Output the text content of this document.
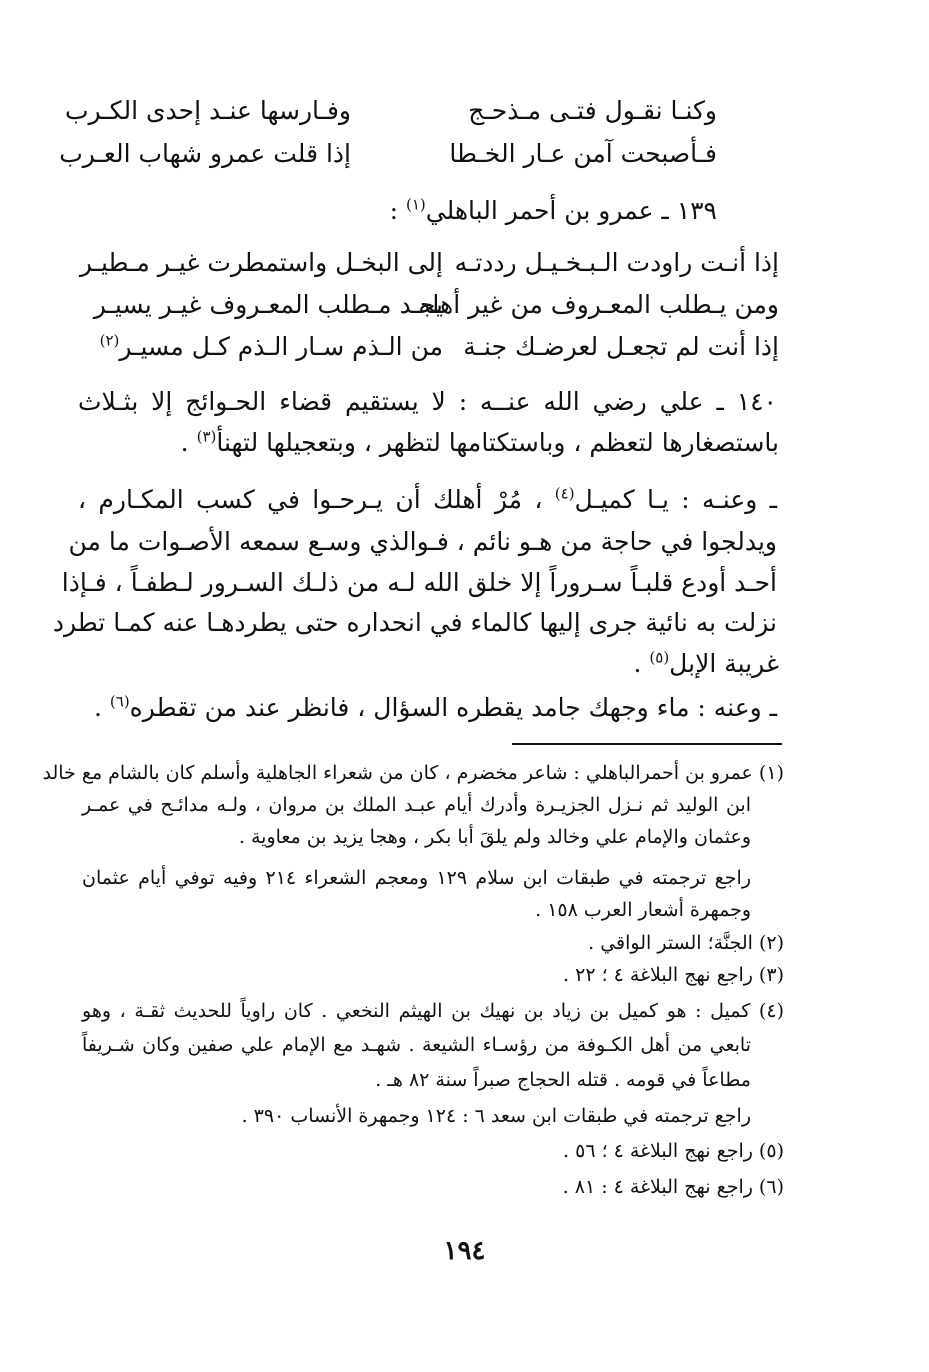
وكنـا نقـول فتـى مـذحـج
وفـارسها عنـد إحدى الكـرب
فـأصبحت آمن عـار الخـطا
إذا قلت عمرو شهاب العـرب
١٣٩ ـ عمرو بن أحمر الباهلي$^{(١)}$ :
إذا أنـت راودت الـبـخـيـل رددتـه
إلى البخـل واستمطرت غيـر مـطيـر
ومن يـطلب المعـروف من غير أهله
يجـد مـطلب المعـروف غيـر يسيـر
إذا أنت لم تجعـل لعرضـك جنـة
من الـذم سـار الـذم كـل مسيـر$^{(٢)}$
١٤٠ ـ علي رضي الله عنــه : لا يستقيم قضاء الحـوائج إلا بثـلاث
باستصغارها لتعظم ، وباستكتامها لتظهر ، وبتعجيلها لتهنأ$^{(٣)}$ .
ـ وعنـه : يـا كميـل$^{(٤)}$ ، مُرْ أهلك أن يـرحـوا في كسب المكـارم ،
ويدلجوا في حاجة من هـو نائم ، فـوالذي وسـع سمعه الأصـوات ما من
أحـد أودع قلبـاً سـروراً إلا خلق الله لـه من ذلـك السـرور لـطفـاً ، فـإذا
نزلت به نائية جرى إليها كالماء في انحداره حتى يطردهـا عنه كمـا تطرد
غريبة الإبل$^{(٥)}$ .
ـ وعنه : ماء وجهك جامد يقطره السؤال ، فانظر عند من تقطره$^{(٦)}$ .
(١) عمرو بن أحمرالباهلي : شاعر مخضرم ، كان من شعراء الجاهلية وأسلم كان بالشام مع خالد
ابن الوليد ثم نـزل الجزيـرة وأدرك أيام عبـد الملك بن مروان ، ولـه مدائـح في عمـر
وعثمان والإمام علي وخالد ولم يلقَ أبا بكر ، وهجا يزيد بن معاوية .
راجع ترجمته في طبقات ابن سلام ١٢٩ ومعجم الشعراء ٢١٤ وفيه توفي أيام عثمان
وجمهرة أشعار العرب ١٥٨ .
(٢) الجنَّة؛ الستر الواقي .
(٣) راجع نهج البلاغة ٤ ؛ ٢٢ .
(٤) كميل : هو كميل بن زياد بن نهيك بن الهيثم النخعي . كان راوياً للحديث ثقـة ، وهو
تابعي من أهل الكـوفة من رؤسـاء الشيعة . شهـد مع الإمام علي صفين وكان شـريفاً
مطاعاً في قومه . قتله الحجاج صبراً سنة ٨٢ هـ .
راجع ترجمته في طبقات ابن سعد ٦ : ١٢٤ وجمهرة الأنساب ٣٩٠ .
(٥) راجع نهج البلاغة ٤ ؛ ٥٦ .
(٦) راجع نهج البلاغة ٤ : ٨١ .
١٩٤
